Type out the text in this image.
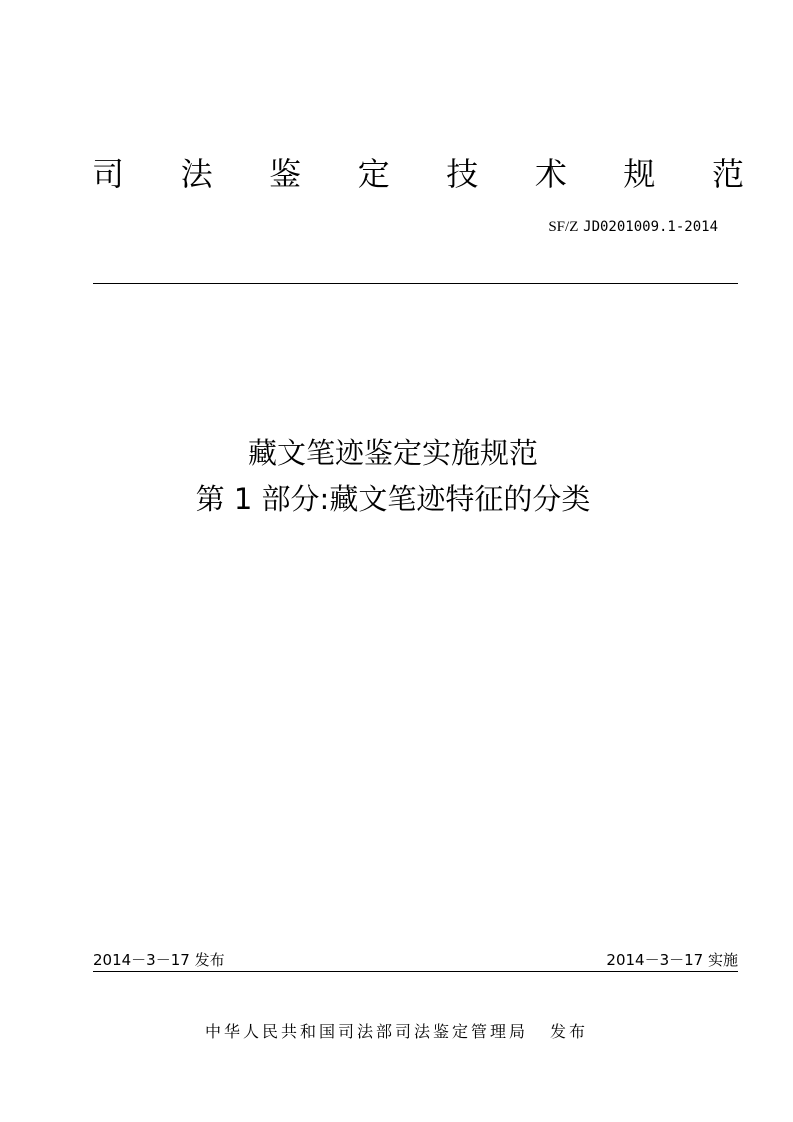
司 法 鉴 定 技 术 规 范
SF/Z JD0201009.1-2014
藏文笔迹鉴定实施规范
第 1 部分:藏文笔迹特征的分类
2014－3－17 发布	2014－3－17 实施
中华人民共和国司法部司法鉴定管理局 发布
